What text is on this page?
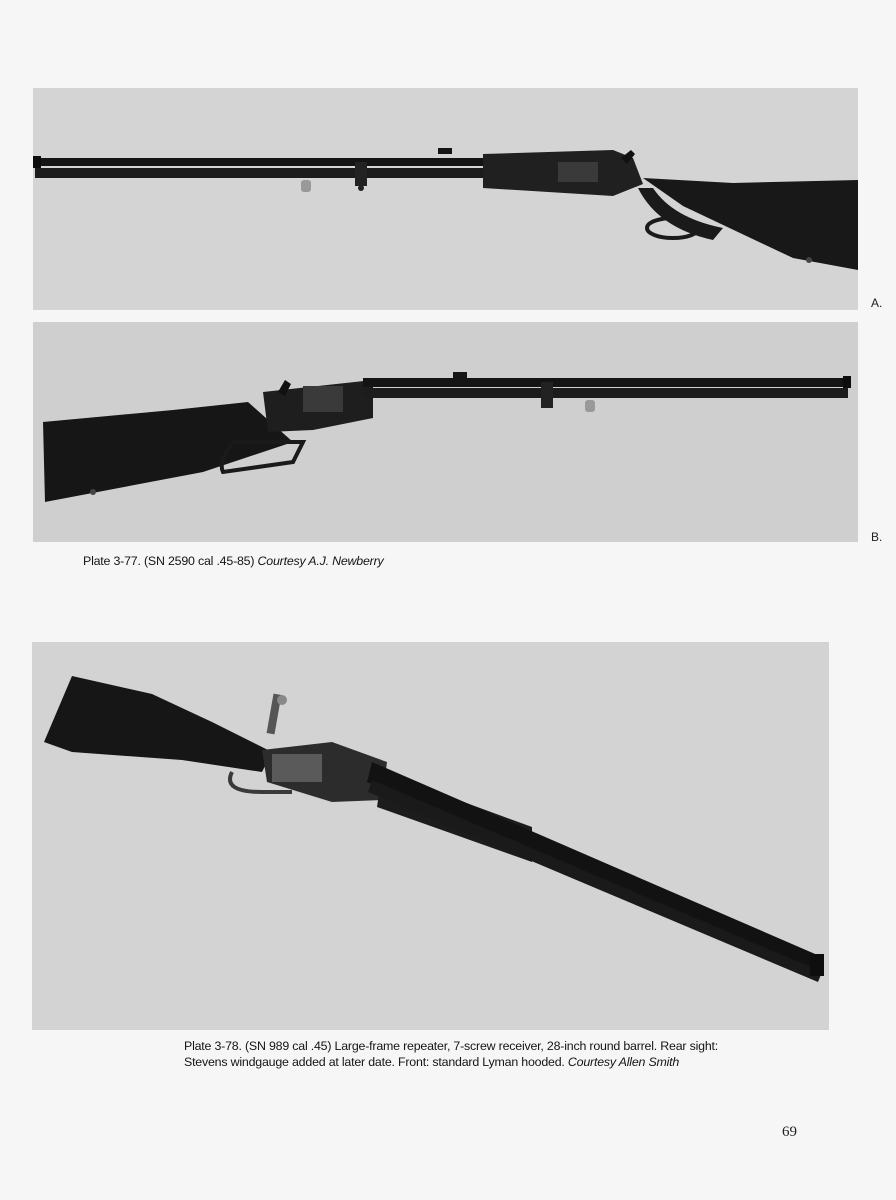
A.
B.
Plate 3-77. (SN 2590 cal .45-85) Courtesy A.J. Newberry
Plate 3-78. (SN 989 cal .45) Large-frame repeater, 7-screw receiver, 28-inch round barrel. Rear sight:
Stevens windgauge added at later date. Front: standard Lyman hooded. Courtesy Allen Smith
69
